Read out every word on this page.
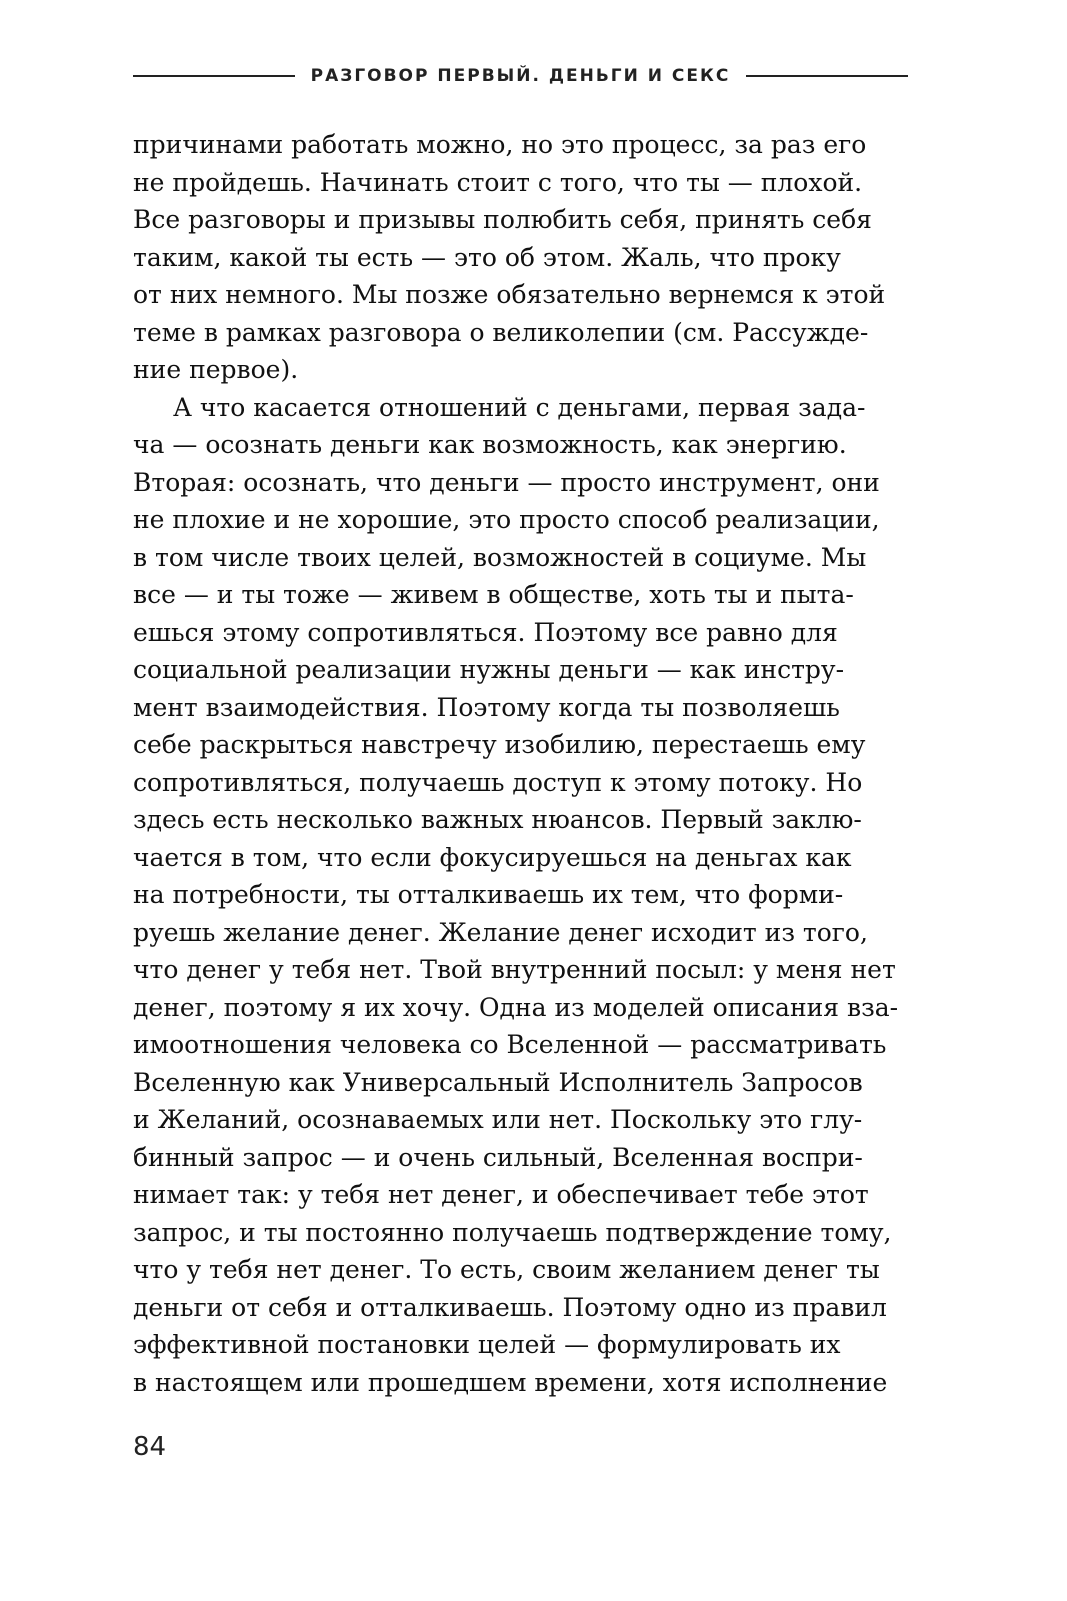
РАЗГОВОР ПЕРВЫЙ. ДЕНЬГИ И СЕКС
причинами работать можно, но это процесс, за раз его
не пройдешь. Начинать стоит с того, что ты — плохой.
Все разговоры и призывы полюбить себя, принять себя
таким, какой ты есть — это об этом. Жаль, что проку
от них немного. Мы позже обязательно вернемся к этой
теме в рамках разговора о великолепии (см. Рассужде-
ние первое).
А что касается отношений с деньгами, первая зада-
ча — осознать деньги как возможность, как энергию.
Вторая: осознать, что деньги — просто инструмент, они
не плохие и не хорошие, это просто способ реализации,
в том числе твоих целей, возможностей в социуме. Мы
все — и ты тоже — живем в обществе, хоть ты и пыта-
ешься этому сопротивляться. Поэтому все равно для
социальной реализации нужны деньги — как инстру-
мент взаимодействия. Поэтому когда ты позволяешь
себе раскрыться навстречу изобилию, перестаешь ему
сопротивляться, получаешь доступ к этому потоку. Но
здесь есть несколько важных нюансов. Первый заклю-
чается в том, что если фокусируешься на деньгах как
на потребности, ты отталкиваешь их тем, что форми-
руешь желание денег. Желание денег исходит из того,
что денег у тебя нет. Твой внутренний посыл: у меня нет
денег, поэтому я их хочу. Одна из моделей описания вза-
имоотношения человека со Вселенной — рассматривать
Вселенную как Универсальный Исполнитель Запросов
и Желаний, осознаваемых или нет. Поскольку это глу-
бинный запрос — и очень сильный, Вселенная воспри-
нимает так: у тебя нет денег, и обеспечивает тебе этот
запрос, и ты постоянно получаешь подтверждение тому,
что у тебя нет денег. То есть, своим желанием денег ты
деньги от себя и отталкиваешь. Поэтому одно из правил
эффективной постановки целей — формулировать их
в настоящем или прошедшем времени, хотя исполнение
84
